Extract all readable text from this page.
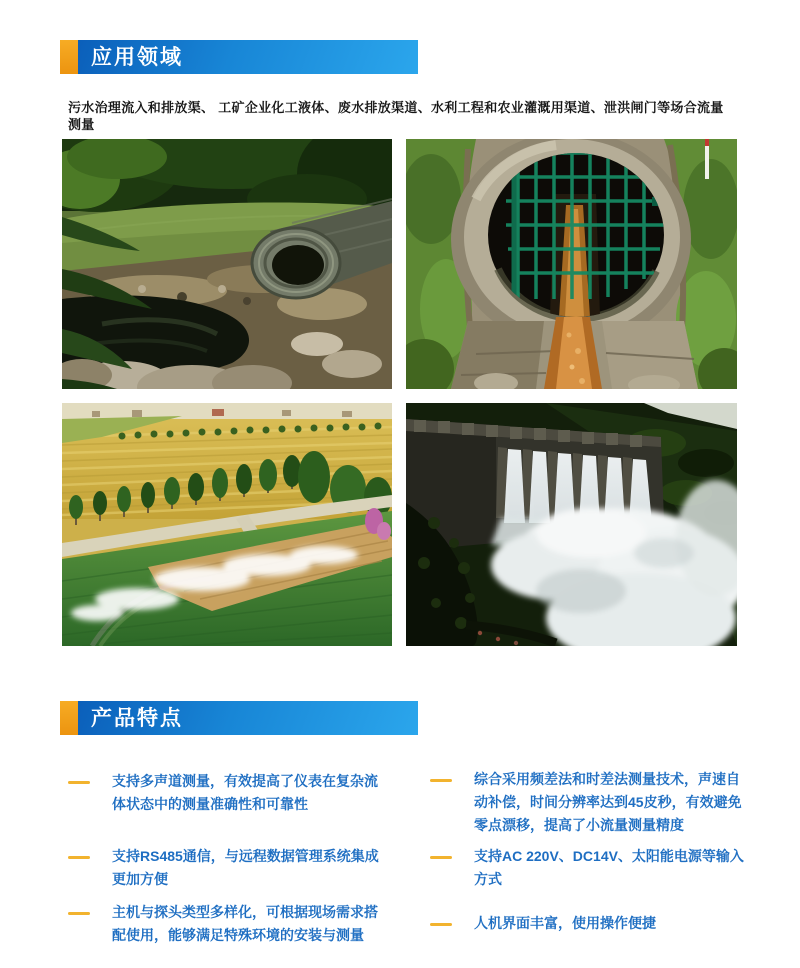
应用领域
污水治理流入和排放渠、 工矿企业化工液体、废水排放渠道、水利工程和农业灌溉用渠道、泄洪闸门等场合流量测量
产品特点

支持多声道测量，有效提高了仪表在复杂流体状态中的测量准确性和可靠性

支持RS485通信，与远程数据管理系统集成更加方便

主机与探头类型多样化，可根据现场需求搭配使用，能够满足特殊环境的安装与测量

综合采用频差法和时差法测量技术，声速自动补偿，时间分辨率达到45皮秒，有效避免零点漂移，提高了小流量测量精度

支持AC 220V、DC14V、太阳能电源等输入方式

人机界面丰富，使用操作便捷
